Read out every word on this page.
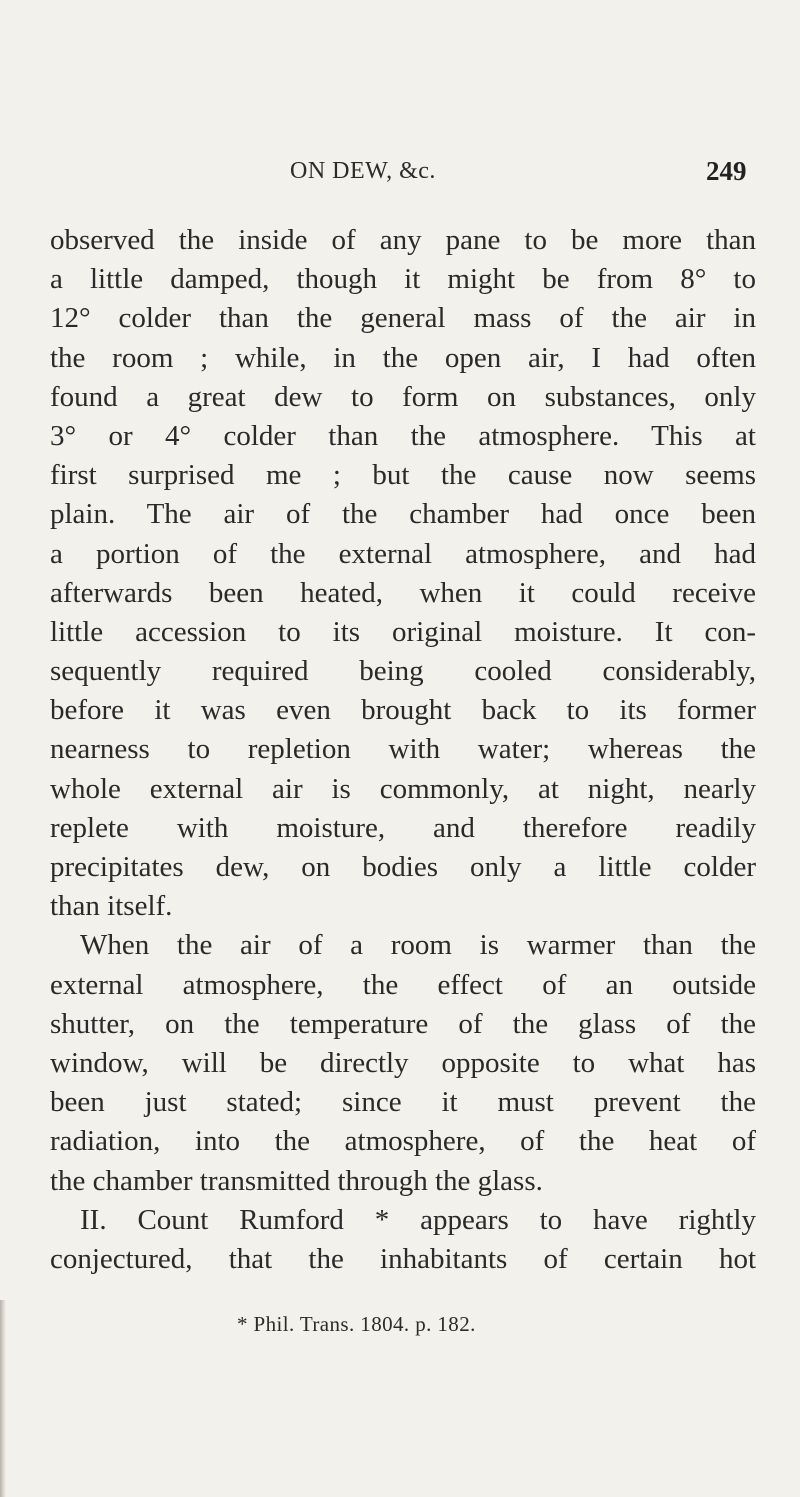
ON DEW, &c.	249
observed the inside of any pane to be more than
a little damped, though it might be from 8° to
12° colder than the general mass of the air in
the room ; while, in the open air, I had often
found a great dew to form on substances, only
3° or 4° colder than the atmosphere. This at
first surprised me ; but the cause now seems
plain. The air of the chamber had once been
a portion of the external atmosphere, and had
afterwards been heated, when it could receive
little accession to its original moisture. It con-
sequently required being cooled considerably,
before it was even brought back to its former
nearness to repletion with water; whereas the
whole external air is commonly, at night, nearly
replete with moisture, and therefore readily
precipitates dew, on bodies only a little colder
than itself.
When the air of a room is warmer than the
external atmosphere, the effect of an outside
shutter, on the temperature of the glass of the
window, will be directly opposite to what has
been just stated; since it must prevent the
radiation, into the atmosphere, of the heat of
the chamber transmitted through the glass.
II. Count Rumford * appears to have rightly
conjectured, that the inhabitants of certain hot
* Phil. Trans. 1804. p. 182.
